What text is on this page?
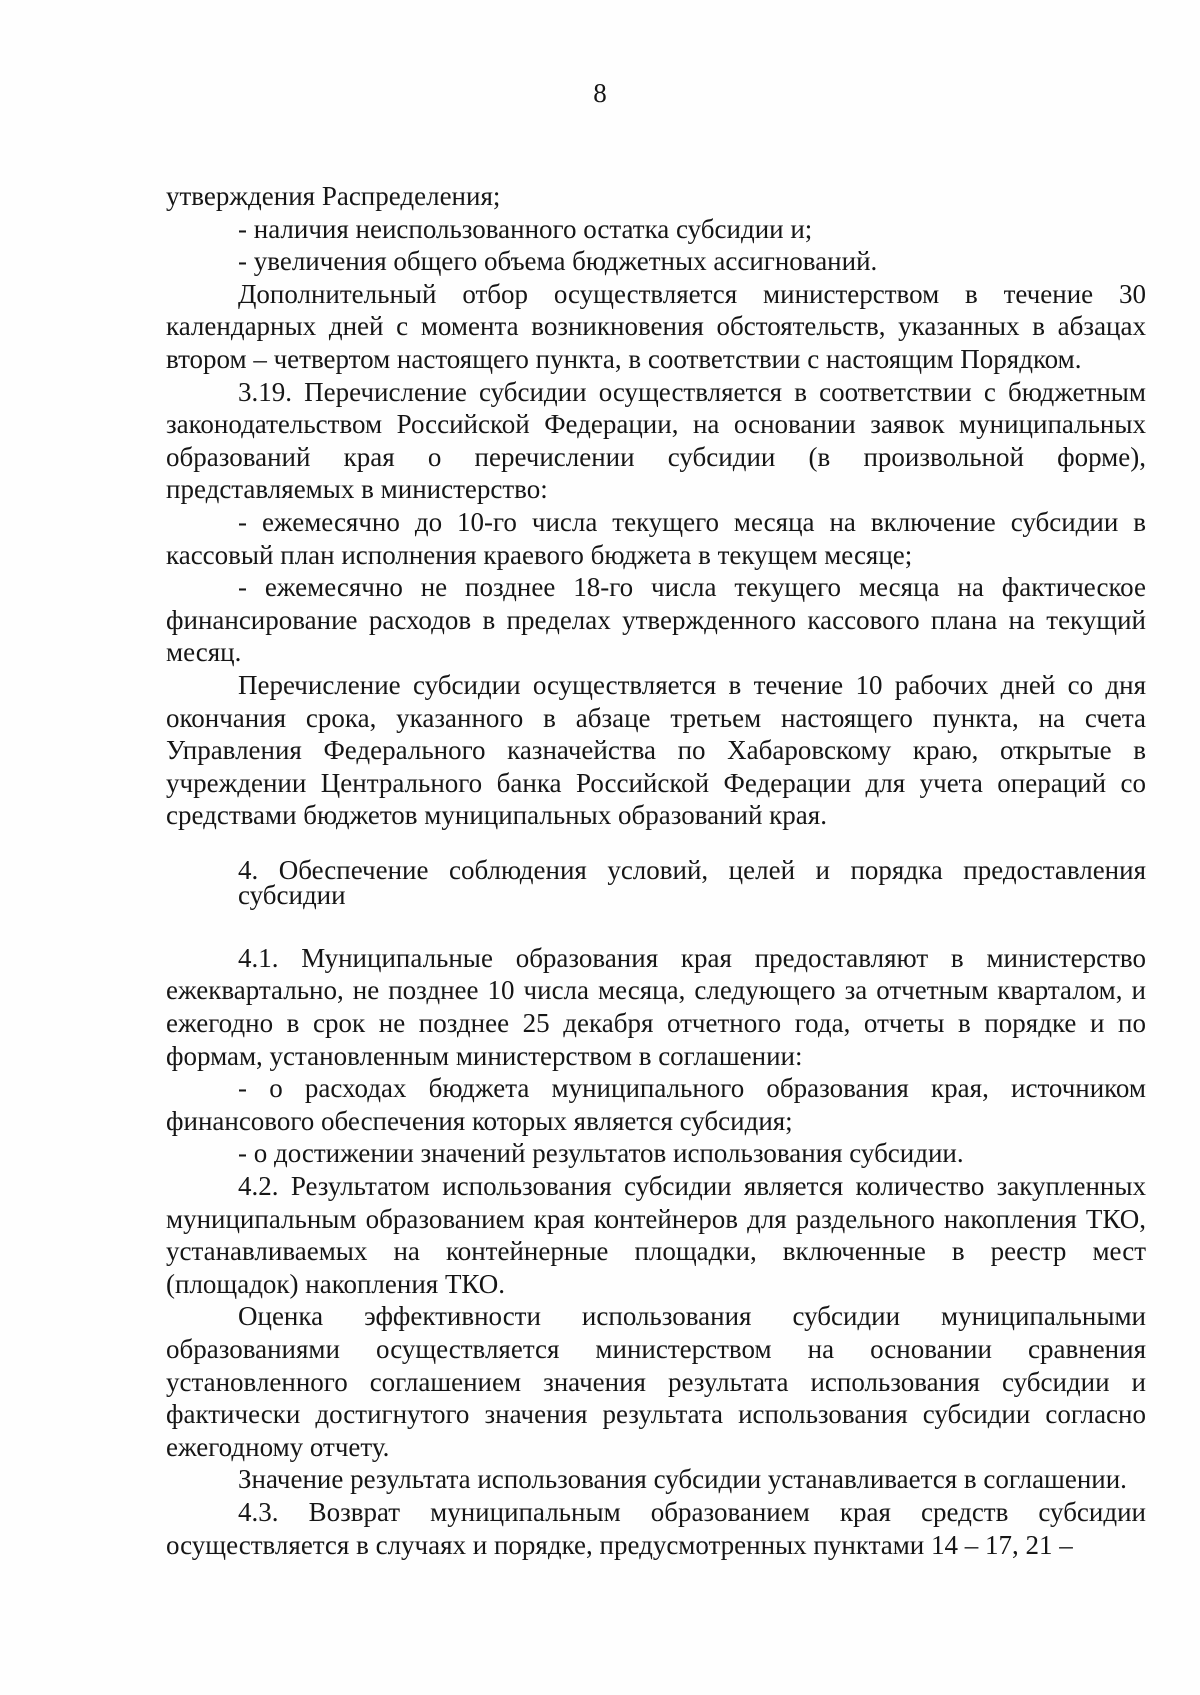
8

утверждения Распределения;

- наличия неиспользованного остатка субсидии и;

- увеличения общего объема бюджетных ассигнований.

Дополнительный отбор осуществляется министерством в течение 30 календарных дней с момента возникновения обстоятельств, указанных в абзацах втором – четвертом настоящего пункта, в соответствии с настоящим Порядком.

3.19. Перечисление субсидии осуществляется в соответствии с бюджетным законодательством Российской Федерации, на основании заявок муниципальных образований края о перечислении субсидии (в произвольной форме), представляемых в министерство:

- ежемесячно до 10-го числа текущего месяца на включение субсидии в кассовый план исполнения краевого бюджета в текущем месяце;

- ежемесячно не позднее 18-го числа текущего месяца на фактическое финансирование расходов в пределах утвержденного кассового плана на текущий месяц.

Перечисление субсидии осуществляется в течение 10 рабочих дней со дня окончания срока, указанного в абзаце третьем настоящего пункта, на счета Управления Федерального казначейства по Хабаровскому краю, открытые в учреждении Центрального банка Российской Федерации для учета операций со средствами бюджетов муниципальных образований края.

4. Обеспечение соблюдения условий, целей и порядка предоставления субсидии

4.1. Муниципальные образования края предоставляют в министерство ежеквартально, не позднее 10 числа месяца, следующего за отчетным кварталом, и ежегодно в срок не позднее 25 декабря отчетного года, отчеты в порядке и по формам, установленным министерством в соглашении:

- о расходах бюджета муниципального образования края, источником финансового обеспечения которых является субсидия;

- о достижении значений результатов использования субсидии.

4.2. Результатом использования субсидии является количество закупленных муниципальным образованием края контейнеров для раздельного накопления ТКО, устанавливаемых на контейнерные площадки, включенные в реестр мест (площадок) накопления ТКО.

Оценка эффективности использования субсидии муниципальными образованиями осуществляется министерством на основании сравнения установленного соглашением значения результата использования субсидии и фактически достигнутого значения результата использования субсидии согласно ежегодному отчету.

Значение результата использования субсидии устанавливается в соглашении.

4.3. Возврат муниципальным образованием края средств субсидии осуществляется в случаях и порядке, предусмотренных пунктами 14 – 17, 21 –
